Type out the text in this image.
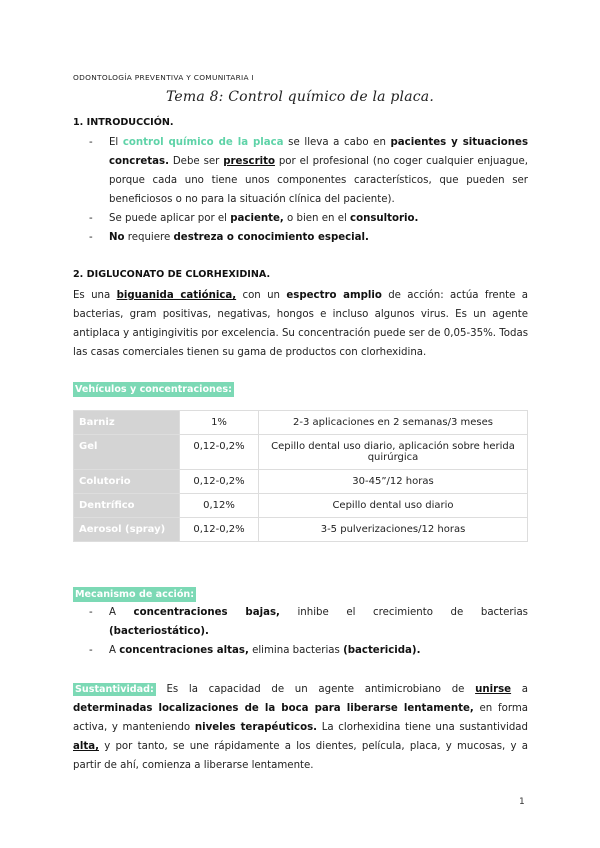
ODONTOLOGÍA PREVENTIVA Y COMUNITARIA I
Tema 8: Control químico de la placa.
1. INTRODUCCIÓN.
- El control químico de la placa se lleva a cabo en pacientes y situaciones concretas. Debe ser prescrito por el profesional (no coger cualquier enjuague, porque cada uno tiene unos componentes característicos, que pueden ser beneficiosos o no para la situación clínica del paciente).
- Se puede aplicar por el paciente, o bien en el consultorio.
- No requiere destreza o conocimiento especial.
2. DIGLUCONATO DE CLORHEXIDINA.
Es una biguanida catiónica, con un espectro amplio de acción: actúa frente a bacterias, gram positivas, negativas, hongos e incluso algunos virus. Es un agente antiplaca y antigingivitis por excelencia. Su concentración puede ser de 0,05-35%. Todas las casas comerciales tienen su gama de productos con clorhexidina.
Vehículos y concentraciones:
Barniz	1%	2-3 aplicaciones en 2 semanas/3 meses
Gel	0,12-0,2%	Cepillo dental uso diario, aplicación sobre herida quirúrgica
Colutorio	0,12-0,2%	30-45”/12 horas
Dentrífico	0,12%	Cepillo dental uso diario
Aerosol (spray)	0,12-0,2%	3-5 pulverizaciones/12 horas
Mecanismo de acción:
- A concentraciones bajas, inhibe el crecimiento de bacterias (bacteriostático).
- A concentraciones altas, elimina bacterias (bactericida).
Sustantividad: Es la capacidad de un agente antimicrobiano de unirse a determinadas localizaciones de la boca para liberarse lentamente, en forma activa, y manteniendo niveles terapéuticos. La clorhexidina tiene una sustantividad alta, y por tanto, se une rápidamente a los dientes, película, placa, y mucosas, y a partir de ahí, comienza a liberarse lentamente.
1
